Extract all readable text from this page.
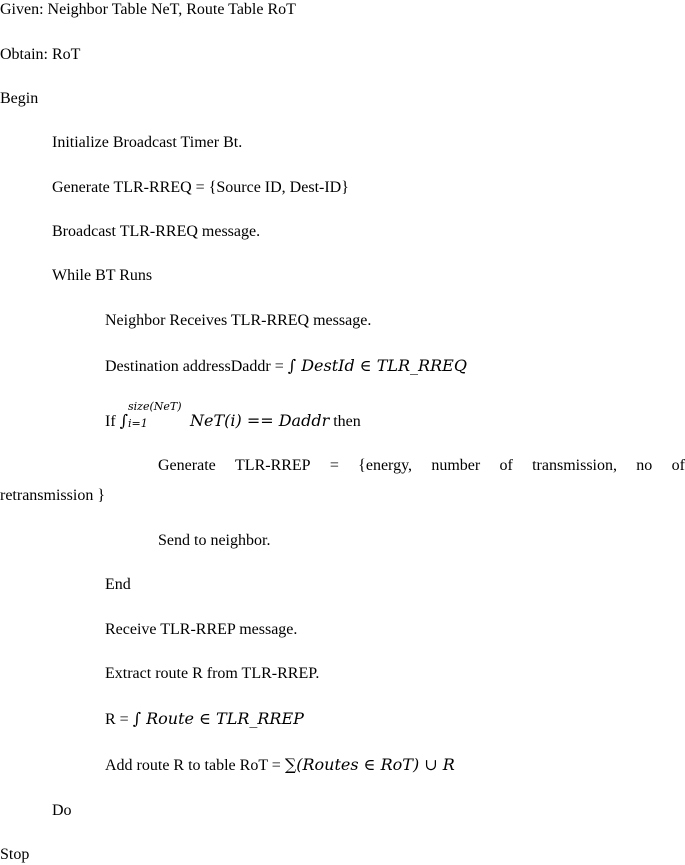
Given: Neighbor Table NeT, Route Table RoT
Obtain: RoT
Begin
Initialize Broadcast Timer Bt.
Generate TLR-RREQ = {Source ID, Dest-ID}
Broadcast TLR-RREQ message.
While BT Runs
Neighbor Receives TLR-RREQ message.
Destination addressDaddr = ∫ DestId ∈ TLR_RREQ
If ∫
size(NeT)
i=1	NeT(i) == Daddr then
Generate TLR-RREP = {energy, number of transmission, no of
retransmission }
Send to neighbor.
End
Receive TLR-RREP message.
Extract route R from TLR-RREP.
R = ∫ Route ∈ TLR_RREP
Add route R to table RoT = ∑(Routes ∈ RoT) ∪ R
Do
Stop
